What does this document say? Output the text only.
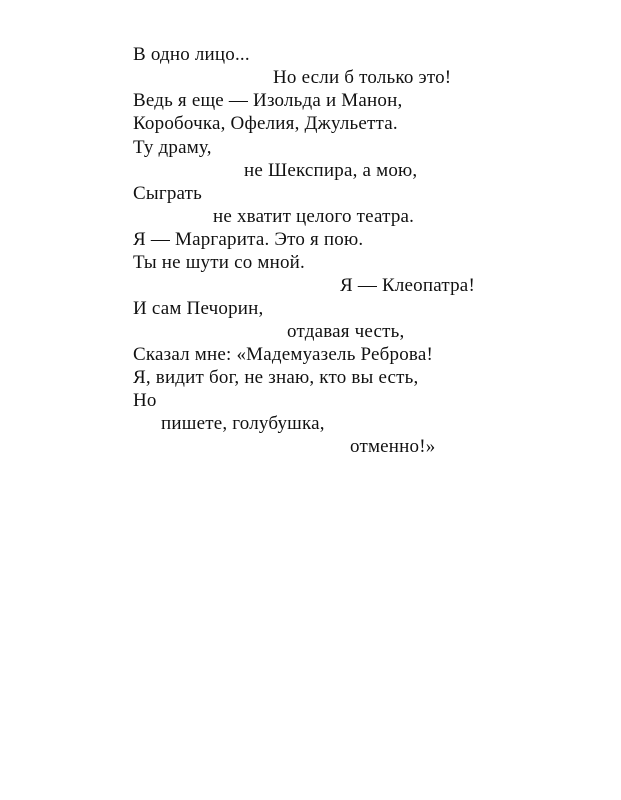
В одно лицо...
Но если б только это!
Ведь я еще — Изольда и Манон,
Коробочка, Офелия, Джульетта.
Ту драму,
не Шекспира, а мою,
Сыграть
не хватит целого театра.
Я — Маргарита. Это я пою.
Ты не шути со мной.
Я — Клеопатра!
И сам Печорин,
отдавая честь,
Сказал мне: «Мадемуазель Реброва!
Я, видит бог, не знаю, кто вы есть,
Но
пишете, голубушка,
отменно!»
